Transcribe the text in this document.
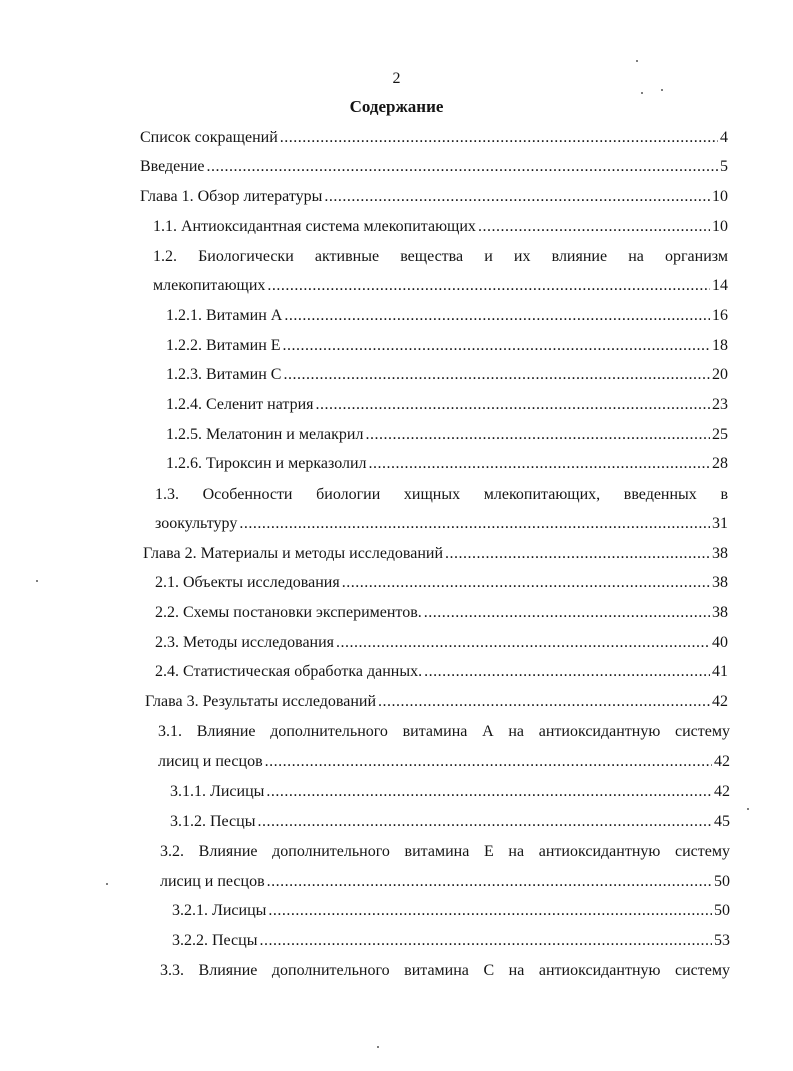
2
Содержание
Список сокращений .....	4
Введение .....	5
Глава 1. Обзор литературы .....	10
1.1. Антиоксидантная система млекопитающих .....	10
1.2. Биологически активные вещества и их влияние на организм
млекопитающих .....	14
1.2.1. Витамин А .....	16
1.2.2. Витамин Е .....	18
1.2.3. Витамин С .....	20
1.2.4. Селенит натрия .....	23
1.2.5. Мелатонин и мелакрил .....	25
1.2.6. Тироксин и мерказолил .....	28
1.3. Особенности биологии хищных млекопитающих, введенных в
зоокультуру .....	31
Глава 2. Материалы и методы исследований .....	38
2.1. Объекты исследования .....	38
2.2. Схемы постановки экспериментов. .....	38
2.3. Методы исследования .....	40
2.4. Статистическая обработка данных. .....	41
Глава 3. Результаты исследований .....	42
3.1. Влияние дополнительного витамина А на антиоксидантную систему
лисиц и песцов .....	42
3.1.1. Лисицы .....	42
3.1.2. Песцы .....	45
3.2. Влияние дополнительного витамина Е на антиоксидантную систему
лисиц и песцов .....	50
3.2.1. Лисицы .....	50
3.2.2. Песцы .....	53
3.3. Влияние дополнительного витамина С на антиоксидантную систему
